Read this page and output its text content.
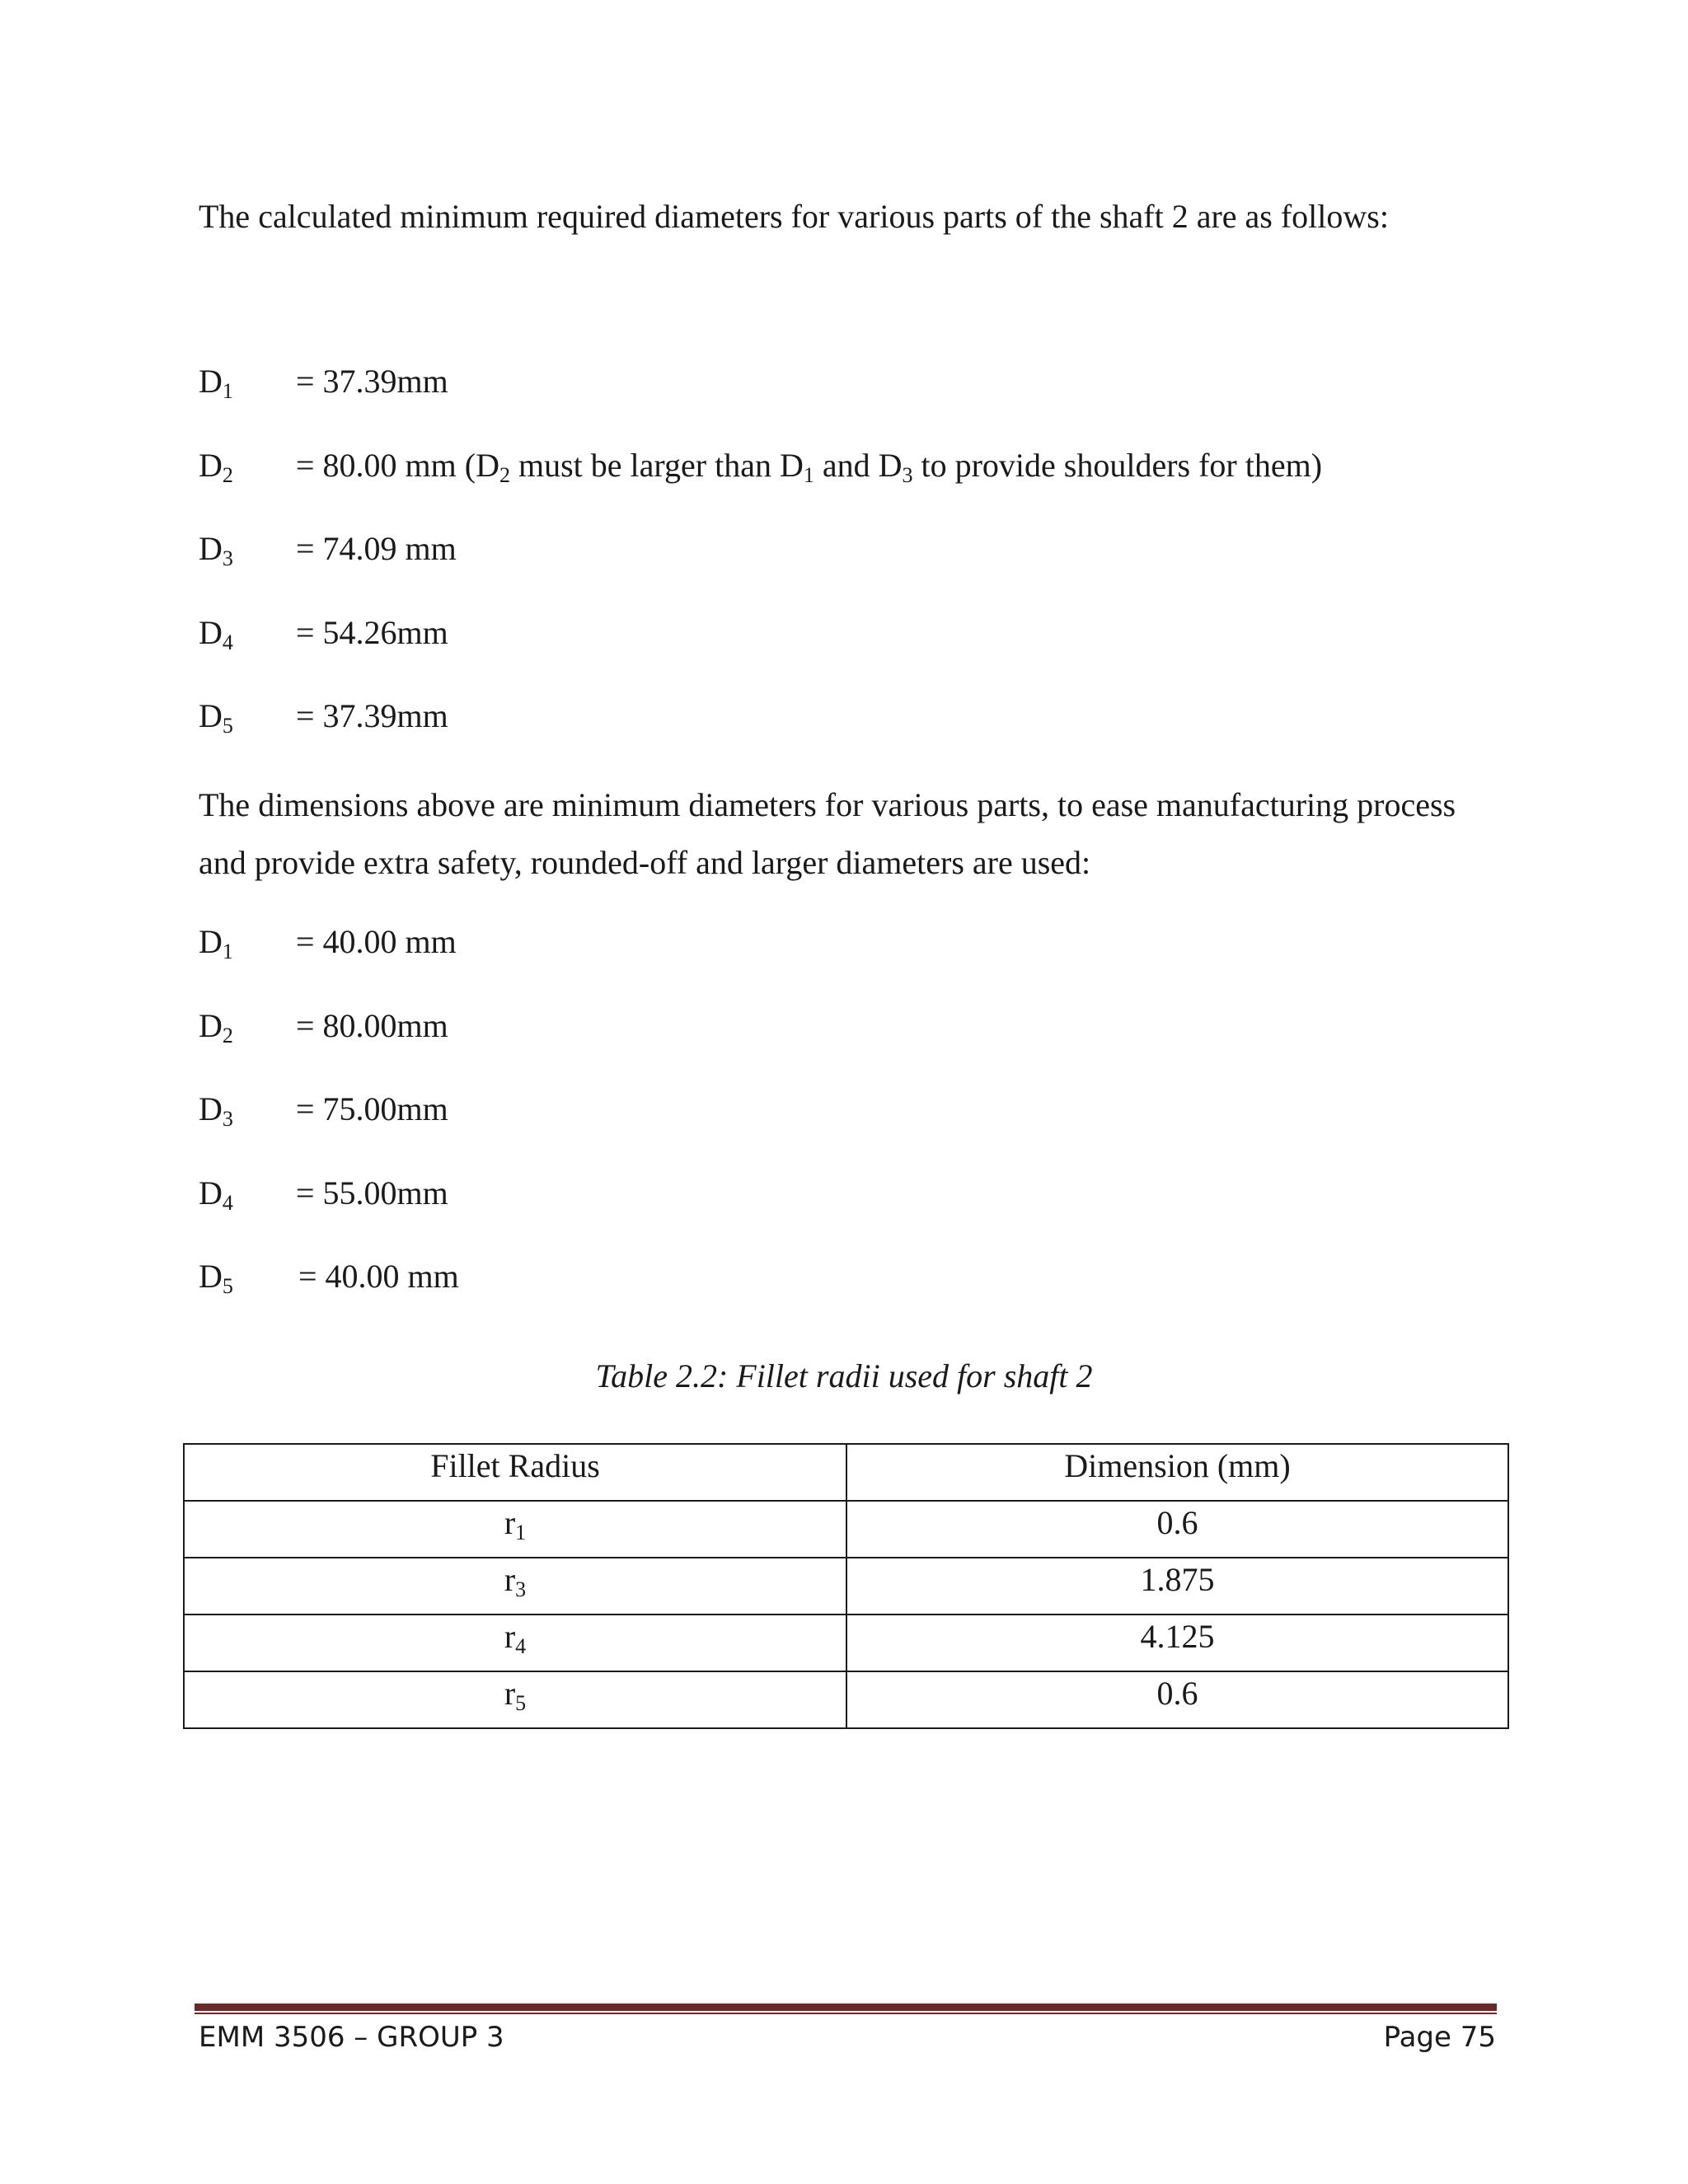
The calculated minimum required diameters for various parts of the shaft 2 are as follows:
$D_1 = 37.39mm$
$D_2 = 80.00$ mm ($D_2$ must be larger than $D_1$ and $D_3$ to provide shoulders for them)
$D_3 = 74.09$ mm
$D_4 = 54.26mm$
$D_5 = 37.39mm$
The dimensions above are minimum diameters for various parts, to ease manufacturing process and provide extra safety, rounded-off and larger diameters are used:
$D_1 = 40.00$ mm
$D_2 = 80.00mm$
$D_3 = 75.00mm$
$D_4 = 55.00mm$
$D_5 = 40.00$ mm
Table 2.2: Fillet radii used for shaft 2
Fillet Radius	Dimension (mm)
$r_1$	0.6
$r_3$	1.875
$r_4$	4.125
$r_5$	0.6
EMM 3506 – GROUP 3	Page 75
